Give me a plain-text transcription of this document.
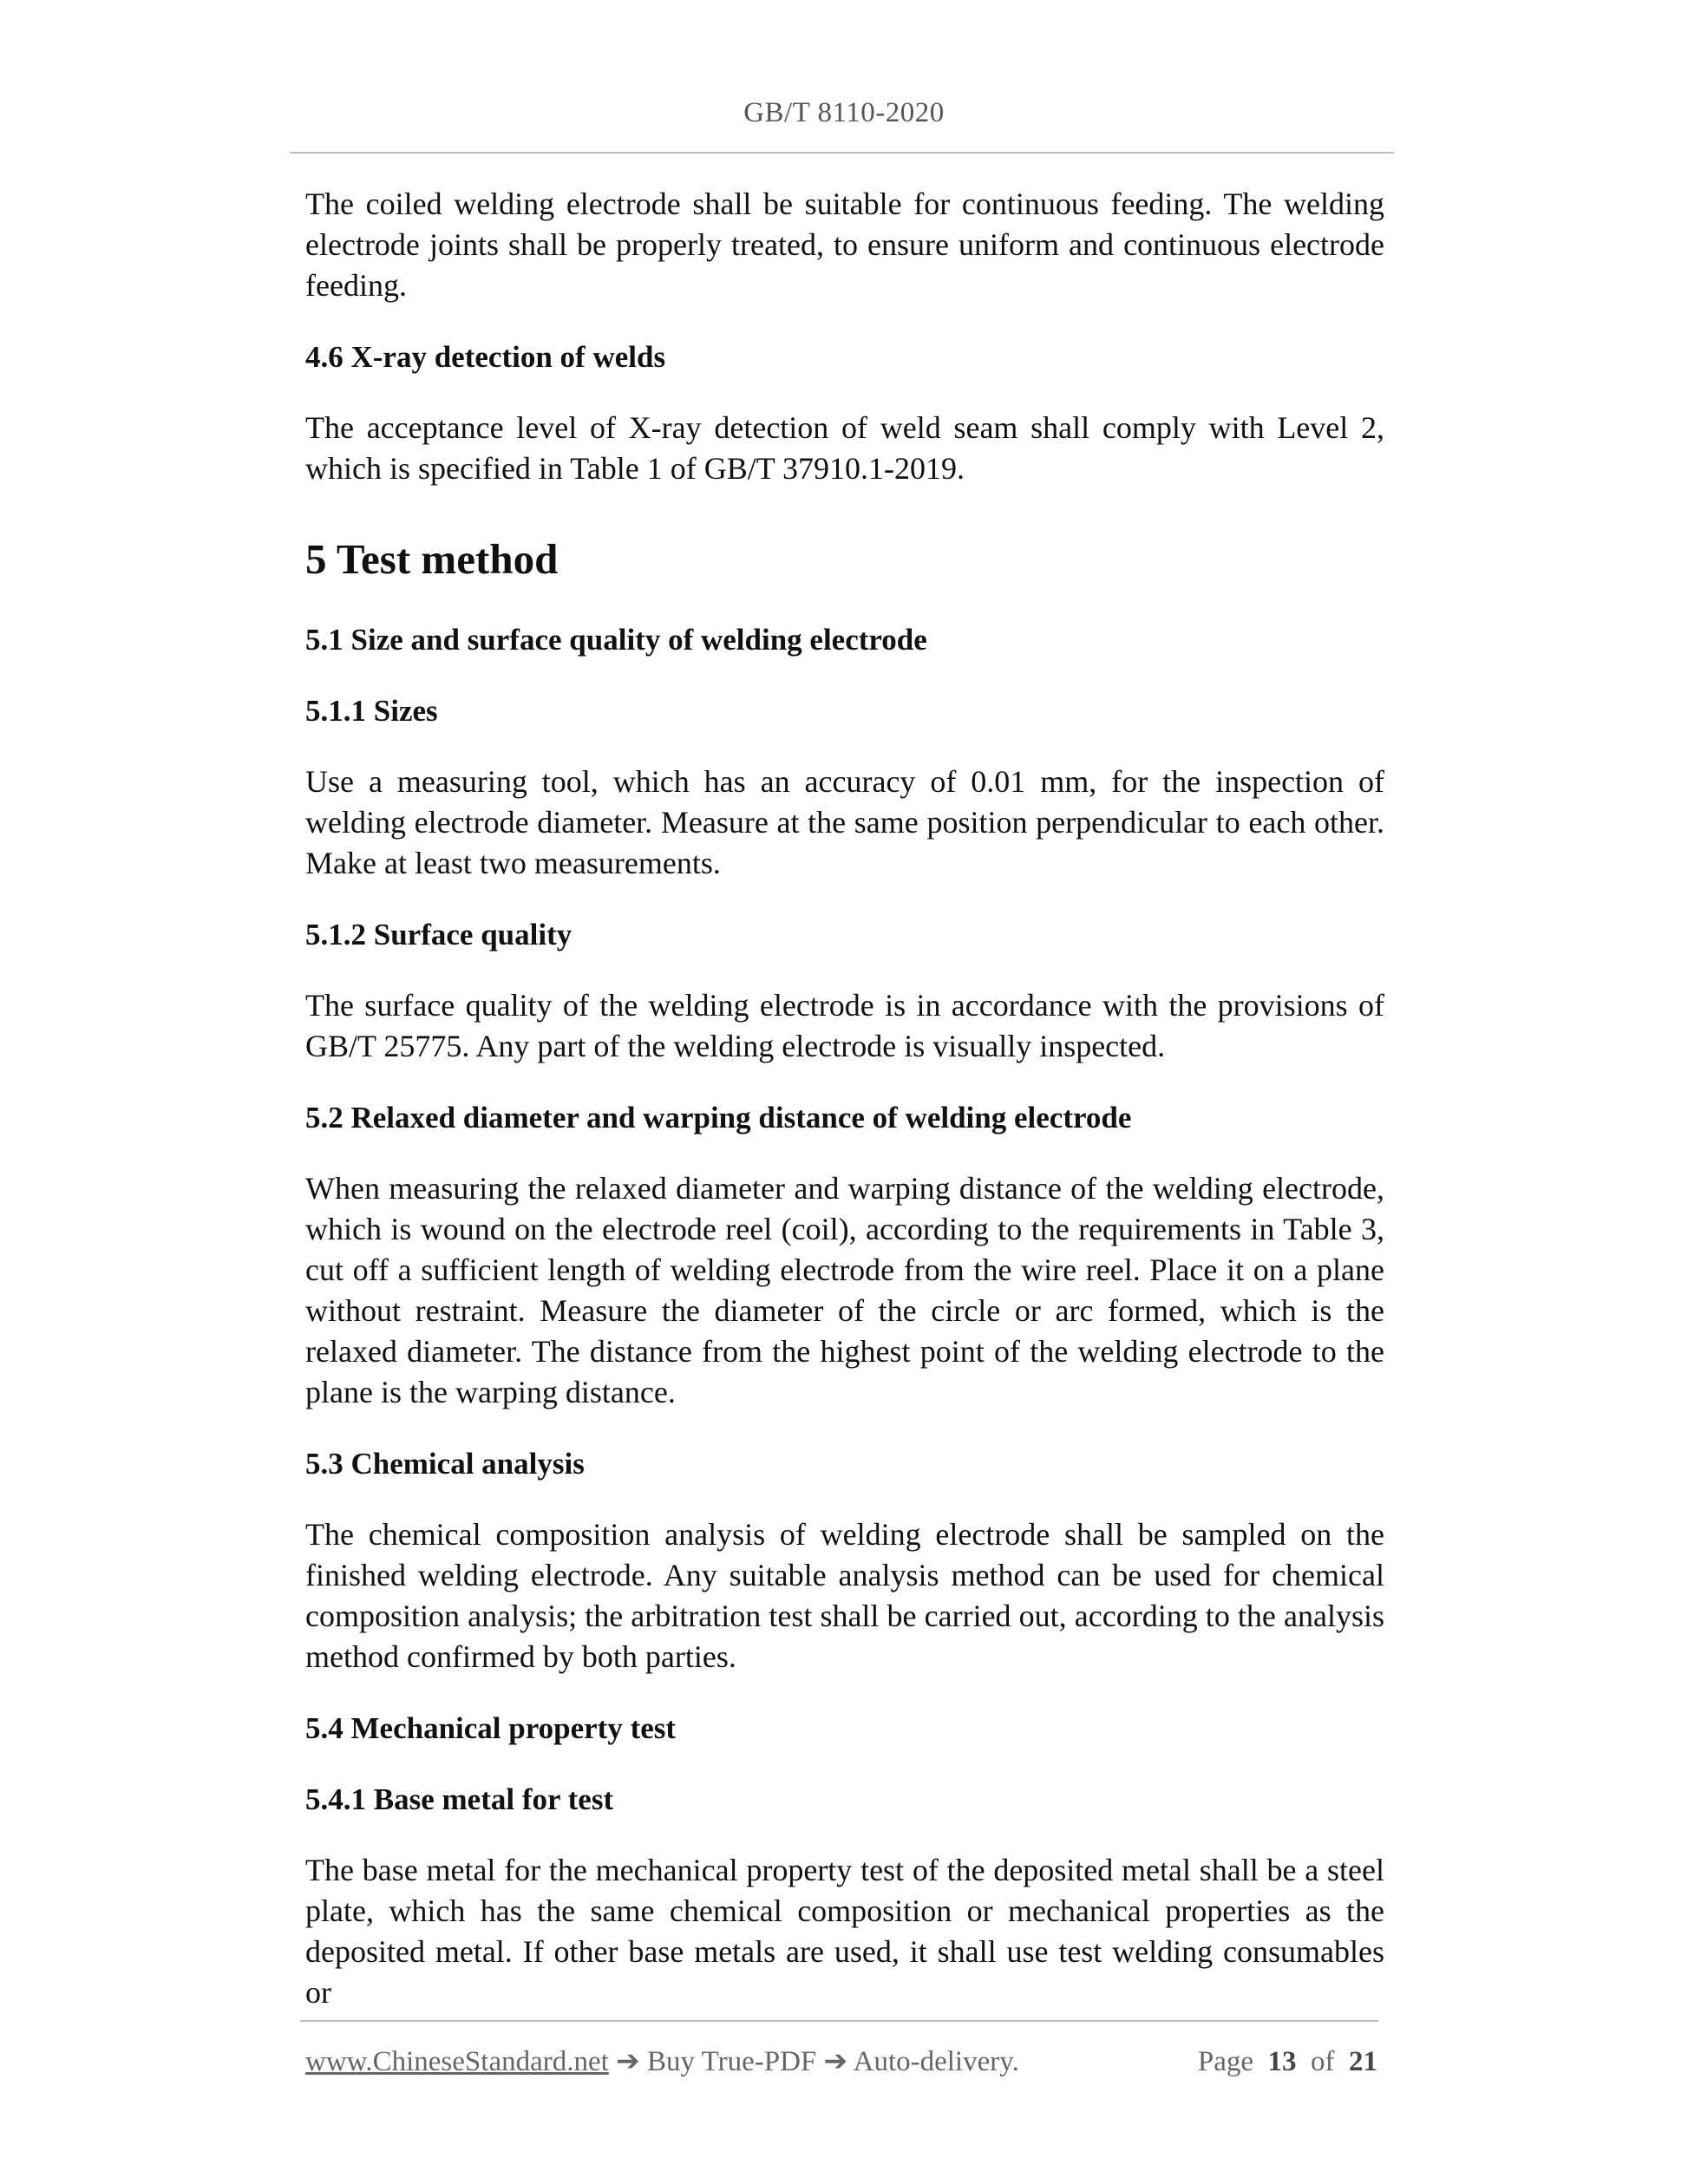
GB/T 8110-2020

The coiled welding electrode shall be suitable for continuous feeding. The welding electrode joints shall be properly treated, to ensure uniform and continuous electrode feeding.

4.6 X-ray detection of welds

The acceptance level of X-ray detection of weld seam shall comply with Level 2, which is specified in Table 1 of GB/T 37910.1-2019.

5 Test method
5.1 Size and surface quality of welding electrode
5.1.1 Sizes

Use a measuring tool, which has an accuracy of 0.01 mm, for the inspection of welding electrode diameter. Measure at the same position perpendicular to each other. Make at least two measurements.

5.1.2 Surface quality

The surface quality of the welding electrode is in accordance with the provisions of GB/T 25775. Any part of the welding electrode is visually inspected.

5.2 Relaxed diameter and warping distance of welding electrode

When measuring the relaxed diameter and warping distance of the welding electrode, which is wound on the electrode reel (coil), according to the requirements in Table 3, cut off a sufficient length of welding electrode from the wire reel. Place it on a plane without restraint. Measure the diameter of the circle or arc formed, which is the relaxed diameter. The distance from the highest point of the welding electrode to the plane is the warping distance.

5.3 Chemical analysis

The chemical composition analysis of welding electrode shall be sampled on the finished welding electrode. Any suitable analysis method can be used for chemical composition analysis; the arbitration test shall be carried out, according to the analysis method confirmed by both parties.

5.4 Mechanical property test
5.4.1 Base metal for test

The base metal for the mechanical property test of the deposited metal shall be a steel plate, which has the same chemical composition or mechanical properties as the deposited metal. If other base metals are used, it shall use test welding consumables or

www.ChineseStandard.net ➔ Buy True-PDF ➔ Auto-delivery.	Page 13 of 21
